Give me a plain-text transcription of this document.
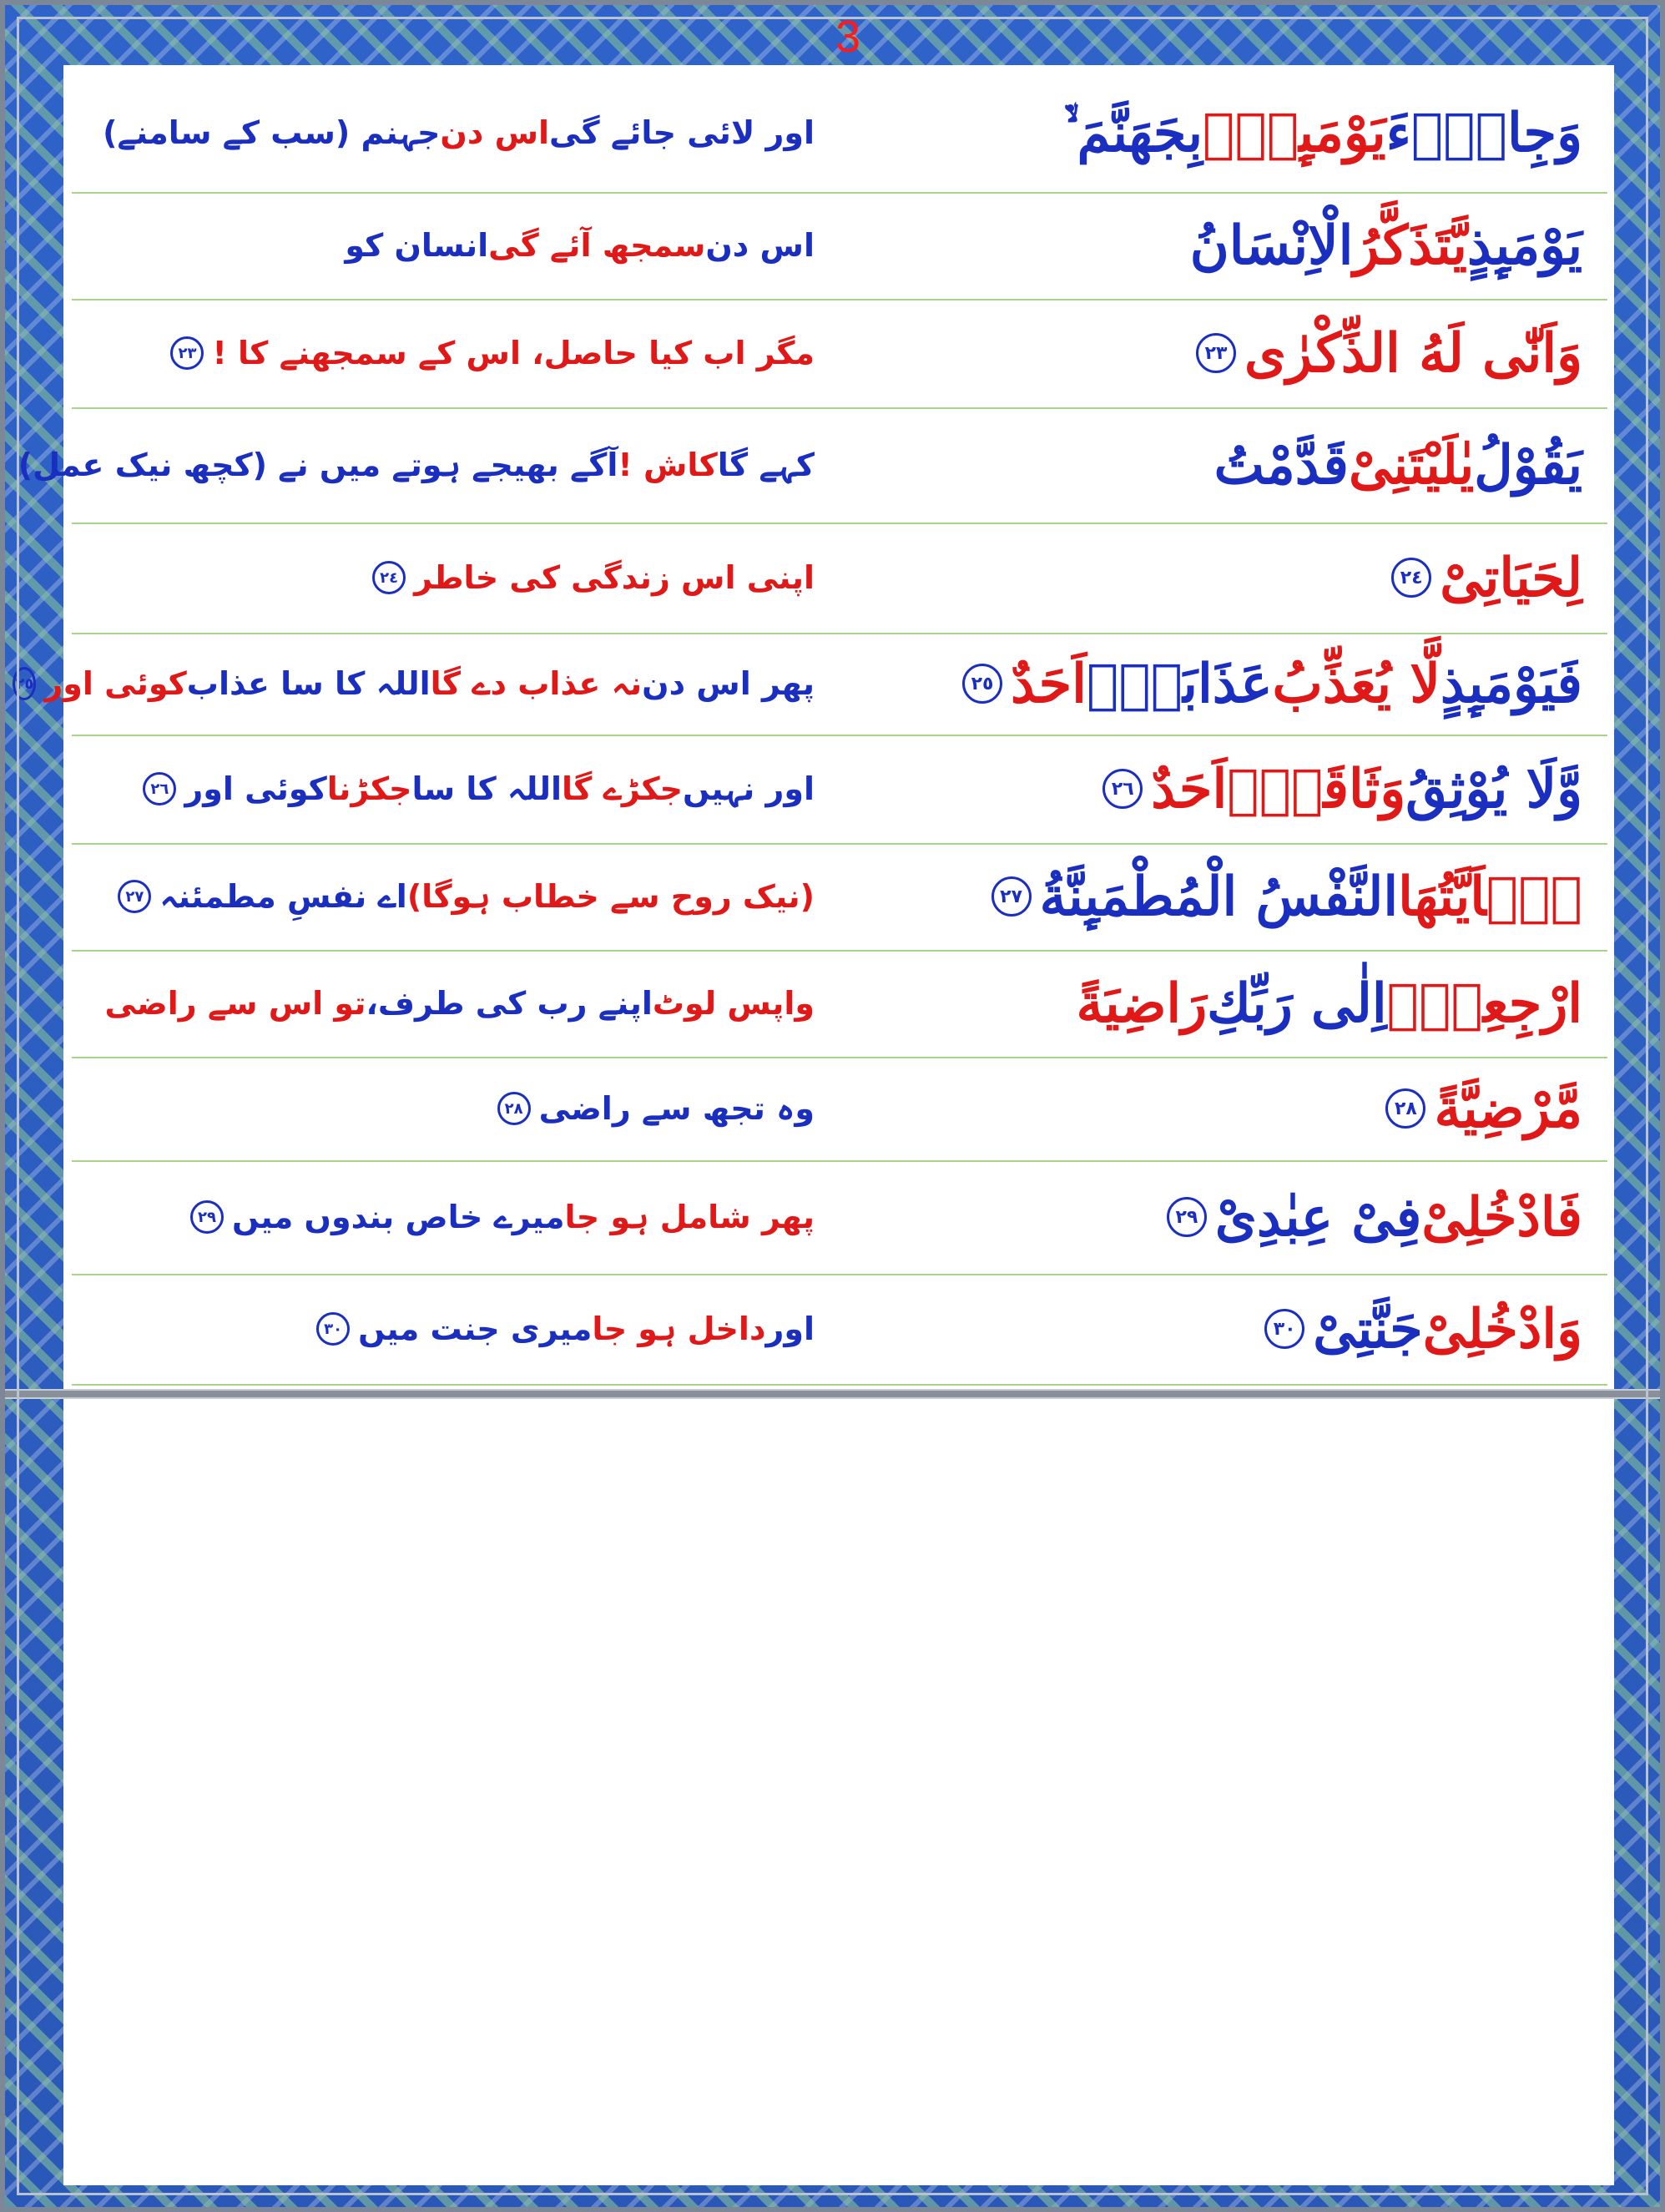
3
وَجِایْۤءَ
یَوْمَىِٕذٍۭ
بِجَهَنَّمَ ۙ۬
اور لائی جائے گی
اس دن
جہنم (سب کے سامنے)
یَوْمَىِٕذٍ
یَّتَذَكَّرُ
الْاِنْسَانُ
اس دن
سمجھ آئے گی
انسان کو
وَاَنّٰى لَهُ الذِّكْرٰى
٢٣
مگر اب کیا حاصل، اس کے سمجھنے کا !
٢٣
یَقُوْلُ
یٰلَیْتَنِیْ
قَدَّمْتُ
کہے گا
کاش !
آگے بھیجے ہوتے میں نے (کچھ نیک عمل)
لِحَیَاتِیْ
٢٤
اپنی اس زندگی کی خاطر
٢٤
فَیَوْمَىِٕذٍ
لَّا یُعَذِّبُ
عَذَابَهٗۤ
اَحَدٌ
٢٥
پھر اس دن
نہ عذاب دے گا
اللہ کا سا عذاب
کوئی اور
٢٥
وَّلَا یُوْثِقُ
وَثَاقَهٗۤ
اَحَدٌ
٢٦
اور نہیں
جکڑے گا
اللہ کا سا
جکڑنا
کوئی اور
٢٦
یٰۤاَیَّتُهَا
النَّفْسُ الْمُطْمَىِٕنَّةُ
٢٧
(نیک روح سے خطاب ہوگا)
اے نفسِ مطمئنہ
٢٧
ارْجِعِیْۤ
اِلٰى رَبِّكِ
رَاضِیَةً
واپس لوٹ
اپنے رب کی طرف،
تو اس سے راضی
مَّرْضِیَّةً
٢٨
وہ تجھ سے راضی
٢٨
فَادْخُلِیْ
فِیْ عِبٰدِیْ
٢٩
پھر شامل ہو جا
میرے خاص بندوں میں
٢٩
وَادْخُلِیْ
جَنَّتِیْ
٣٠
اور
داخل ہو جا
میری جنت میں
٣٠
